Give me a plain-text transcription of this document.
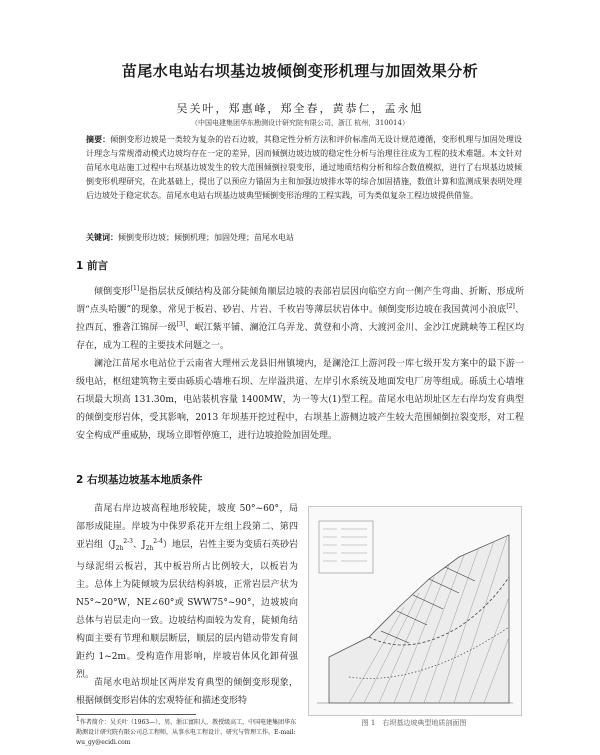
苗尾水电站右坝基边坡倾倒变形机理与加固效果分析
吴关叶，郑惠峰，郑全春，黄恭仁，孟永旭
（中国电建集团华东勘测设计研究院有限公司，浙江 杭州，310014）
摘要：倾倒变形边坡是一类较为复杂的岩石边坡，其稳定性分析方法和评价标准尚无设计规范遵循，变形机理与加固处理设计理念与常规滑动模式边坡均存在一定的差异，因而倾倒边坡边坡的稳定性分析与治理往往成为工程的技术难题。本文针对苗尾水电站施工过程中右坝基边坡发生的较大范围倾倒拉裂变形，通过地质结构分析和综合数值模拟，进行了右坝基边坡倾倒变形机理研究，在此基础上，提出了以预应力锚固为主和加强边坡排水等的综合加固措施，数值计算和监测成果表明处理后边坡处于稳定状态。苗尾水电站右坝基边坡典型倾倒变形治理的工程实践，可为类似复杂工程边坡提供借鉴。
关键词：倾倒变形边坡；倾倒机理；加固处理；苗尾水电站
1 前言
倾倒变形[1]是指层状反倾结构及部分陡倾角顺层边坡的表部岩层因向临空方向一侧产生弯曲、折断、形成所谓“点头哈腰”的现象，常见于板岩、砂岩、片岩、千枚岩等薄层状岩体中。倾倒变形边坡在我国黄河小浪底[2]、拉西瓦、雅砻江锦屏一级[3]、岷江紫平铺、澜沧江乌弄龙、黄登和小湾、大渡河金川、金沙江虎跳峡等工程区均存在，成为工程的主要技术问题之一。
澜沧江苗尾水电站位于云南省大理州云龙县旧州镇境内，是澜沧江上游河段一库七级开发方案中的最下游一级电站，枢纽建筑物主要由砾质心墙堆石坝、左岸溢洪道、左岸引水系统及地面发电厂房等组成。砾质土心墙堆石坝最大坝高 131.30m，电站装机容量 1400MW，为一等大(1)型工程。苗尾水电站坝址区左右岸均发育典型的倾倒变形岩体，受其影响，2013 年坝基开挖过程中，右坝基上游侧边坡产生较大范围倾倒拉裂变形，对工程安全构成严重威胁，现场立即暂停施工，进行边坡抢险加固处理。
2 右坝基边坡基本地质条件
苗尾右岸边坡高程地形较陡，坡度 50°~60°，局部形成陡崖。岸坡为中侏罗系花开左组上段第二、第四亚岩组（$J_{2h}^{2-3}$、$J_{2h}^{2-4}$）地层，岩性主要为变质石英砂岩与绿泥绢云板岩，其中板岩所占比例较大，以板岩为主。总体上为陡倾坡为层状结构斜坡，正常岩层产状为 N5°~20°W，NE∠60°或 SWW75°~90°，边坡坡向总体与岩层走向一致。边坡结构面较为发育，陡倾角结构面主要有节理和顺层断层，顺层的层内错动带发育间距约 1~2m。受构造作用影响，岸坡岩体风化卸荷强烈。
苗尾水电站坝址区两岸发育典型的倾倒变形现象，根据倾倒变形岩体的宏观特征和描述变形特
图 1  右坝基边坡典型地质剖面图
$^1$作者简介：吴关叶（1963—），男，浙江富阳人，教授级高工，中国电建集团华东勘测设计研究院有限公司总工程师，从事水电工程设计、研究与管理工作。E-mail: wu_gy@ecidi.com
